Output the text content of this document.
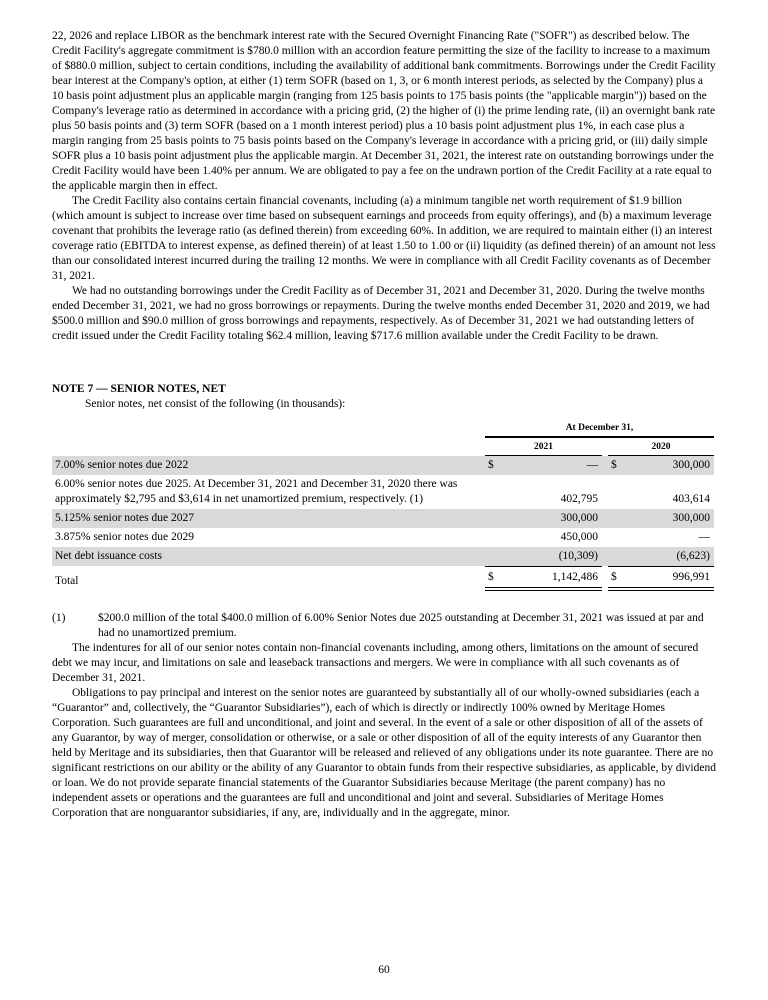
22, 2026 and replace LIBOR as the benchmark interest rate with the Secured Overnight Financing Rate ("SOFR") as described below. The Credit Facility's aggregate commitment is $780.0 million with an accordion feature permitting the size of the facility to increase to a maximum of $880.0 million, subject to certain conditions, including the availability of additional bank commitments. Borrowings under the Credit Facility bear interest at the Company's option, at either (1) term SOFR (based on 1, 3, or 6 month interest periods, as selected by the Company) plus a 10 basis point adjustment plus an applicable margin (ranging from 125 basis points to 175 basis points (the "applicable margin")) based on the Company's leverage ratio as determined in accordance with a pricing grid, (2) the higher of (i) the prime lending rate, (ii) an overnight bank rate plus 50 basis points and (3) term SOFR (based on a 1 month interest period) plus a 10 basis point adjustment plus 1%, in each case plus a margin ranging from 25 basis points to 75 basis points based on the Company's leverage in accordance with a pricing grid, or (iii) daily simple SOFR plus a 10 basis point adjustment plus the applicable margin. At December 31, 2021, the interest rate on outstanding borrowings under the Credit Facility would have been 1.40% per annum. We are obligated to pay a fee on the undrawn portion of the Credit Facility at a rate equal to the applicable margin then in effect.

The Credit Facility also contains certain financial covenants, including (a) a minimum tangible net worth requirement of $1.9 billion (which amount is subject to increase over time based on subsequent earnings and proceeds from equity offerings), and (b) a maximum leverage covenant that prohibits the leverage ratio (as defined therein) from exceeding 60%. In addition, we are required to maintain either (i) an interest coverage ratio (EBITDA to interest expense, as defined therein) of at least 1.50 to 1.00 or (ii) liquidity (as defined therein) of an amount not less than our consolidated interest incurred during the trailing 12 months. We were in compliance with all Credit Facility covenants as of December 31, 2021.

We had no outstanding borrowings under the Credit Facility as of December 31, 2021 and December 31, 2020. During the twelve months ended December 31, 2021, we had no gross borrowings or repayments. During the twelve months ended December 31, 2020 and 2019, we had $500.0 million and $90.0 million of gross borrowings and repayments, respectively. As of December 31, 2021 we had outstanding letters of credit issued under the Credit Facility totaling $62.4 million, leaving $717.6 million available under the Credit Facility to be drawn.

NOTE 7 — SENIOR NOTES, NET

Senior notes, net consist of the following (in thousands):

At December 31,
2021	2020
7.00% senior notes due 2022	$	— $	300,000
6.00% senior notes due 2025. At December 31, 2021 and December 31, 2020 there was approximately $2,795 and $3,614 in net unamortized premium, respectively. (1)	402,795	403,614
5.125% senior notes due 2027	300,000	300,000
3.875% senior notes due 2029	450,000	—
Net debt issuance costs	(10,309)	(6,623)
Total	$	1,142,486 $	996,991
(1)	$200.0 million of the total $400.0 million of 6.00% Senior Notes due 2025 outstanding at December 31, 2021 was issued at par and had no unamortized premium.

The indentures for all of our senior notes contain non-financial covenants including, among others, limitations on the amount of secured debt we may incur, and limitations on sale and leaseback transactions and mergers. We were in compliance with all such covenants as of December 31, 2021.

Obligations to pay principal and interest on the senior notes are guaranteed by substantially all of our wholly-owned subsidiaries (each a “Guarantor” and, collectively, the “Guarantor Subsidiaries”), each of which is directly or indirectly 100% owned by Meritage Homes Corporation. Such guarantees are full and unconditional, and joint and several. In the event of a sale or other disposition of all of the assets of any Guarantor, by way of merger, consolidation or otherwise, or a sale or other disposition of all of the equity interests of any Guarantor then held by Meritage and its subsidiaries, then that Guarantor will be released and relieved of any obligations under its note guarantee. There are no significant restrictions on our ability or the ability of any Guarantor to obtain funds from their respective subsidiaries, as applicable, by dividend or loan. We do not provide separate financial statements of the Guarantor Subsidiaries because Meritage (the parent company) has no independent assets or operations and the guarantees are full and unconditional and joint and several. Subsidiaries of Meritage Homes Corporation that are nonguarantor subsidiaries, if any, are, individually and in the aggregate, minor.

60
